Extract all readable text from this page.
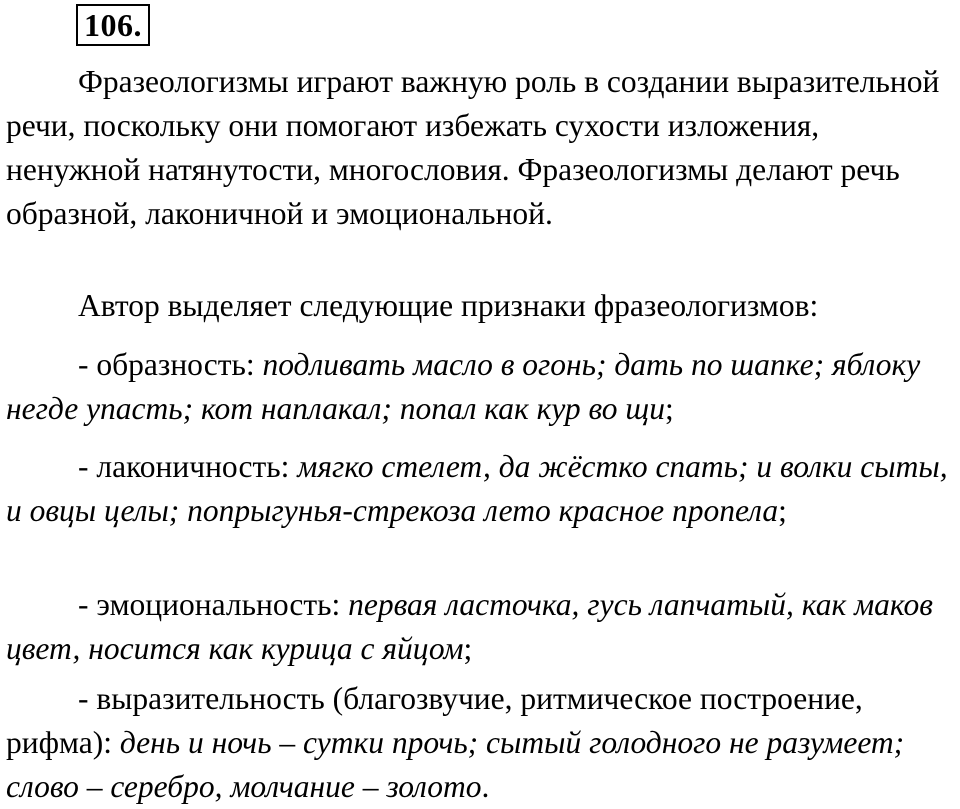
106.

Фразеологизмы играют важную роль в создании выразительной речи, поскольку они помогают избежать сухости изложения, ненужной натянутости, многословия. Фразеологизмы делают речь образной, лаконичной и эмоциональной.

Автор выделяет следующие признаки фразеологизмов:

- образность: подливать масло в огонь; дать по шапке; яблоку негде упасть; кот наплакал; попал как кур во щи;

- лаконичность: мягко стелет, да жёстко спать; и волки сыты, и овцы целы; попрыгунья-стрекоза лето красное пропела;

- эмоциональность: первая ласточка, гусь лапчатый, как маков цвет, носится как курица с яйцом;

- выразительность (благозвучие, ритмическое построение, рифма): день и ночь – сутки прочь; сытый голодного не разумеет; слово – серебро, молчание – золото.
